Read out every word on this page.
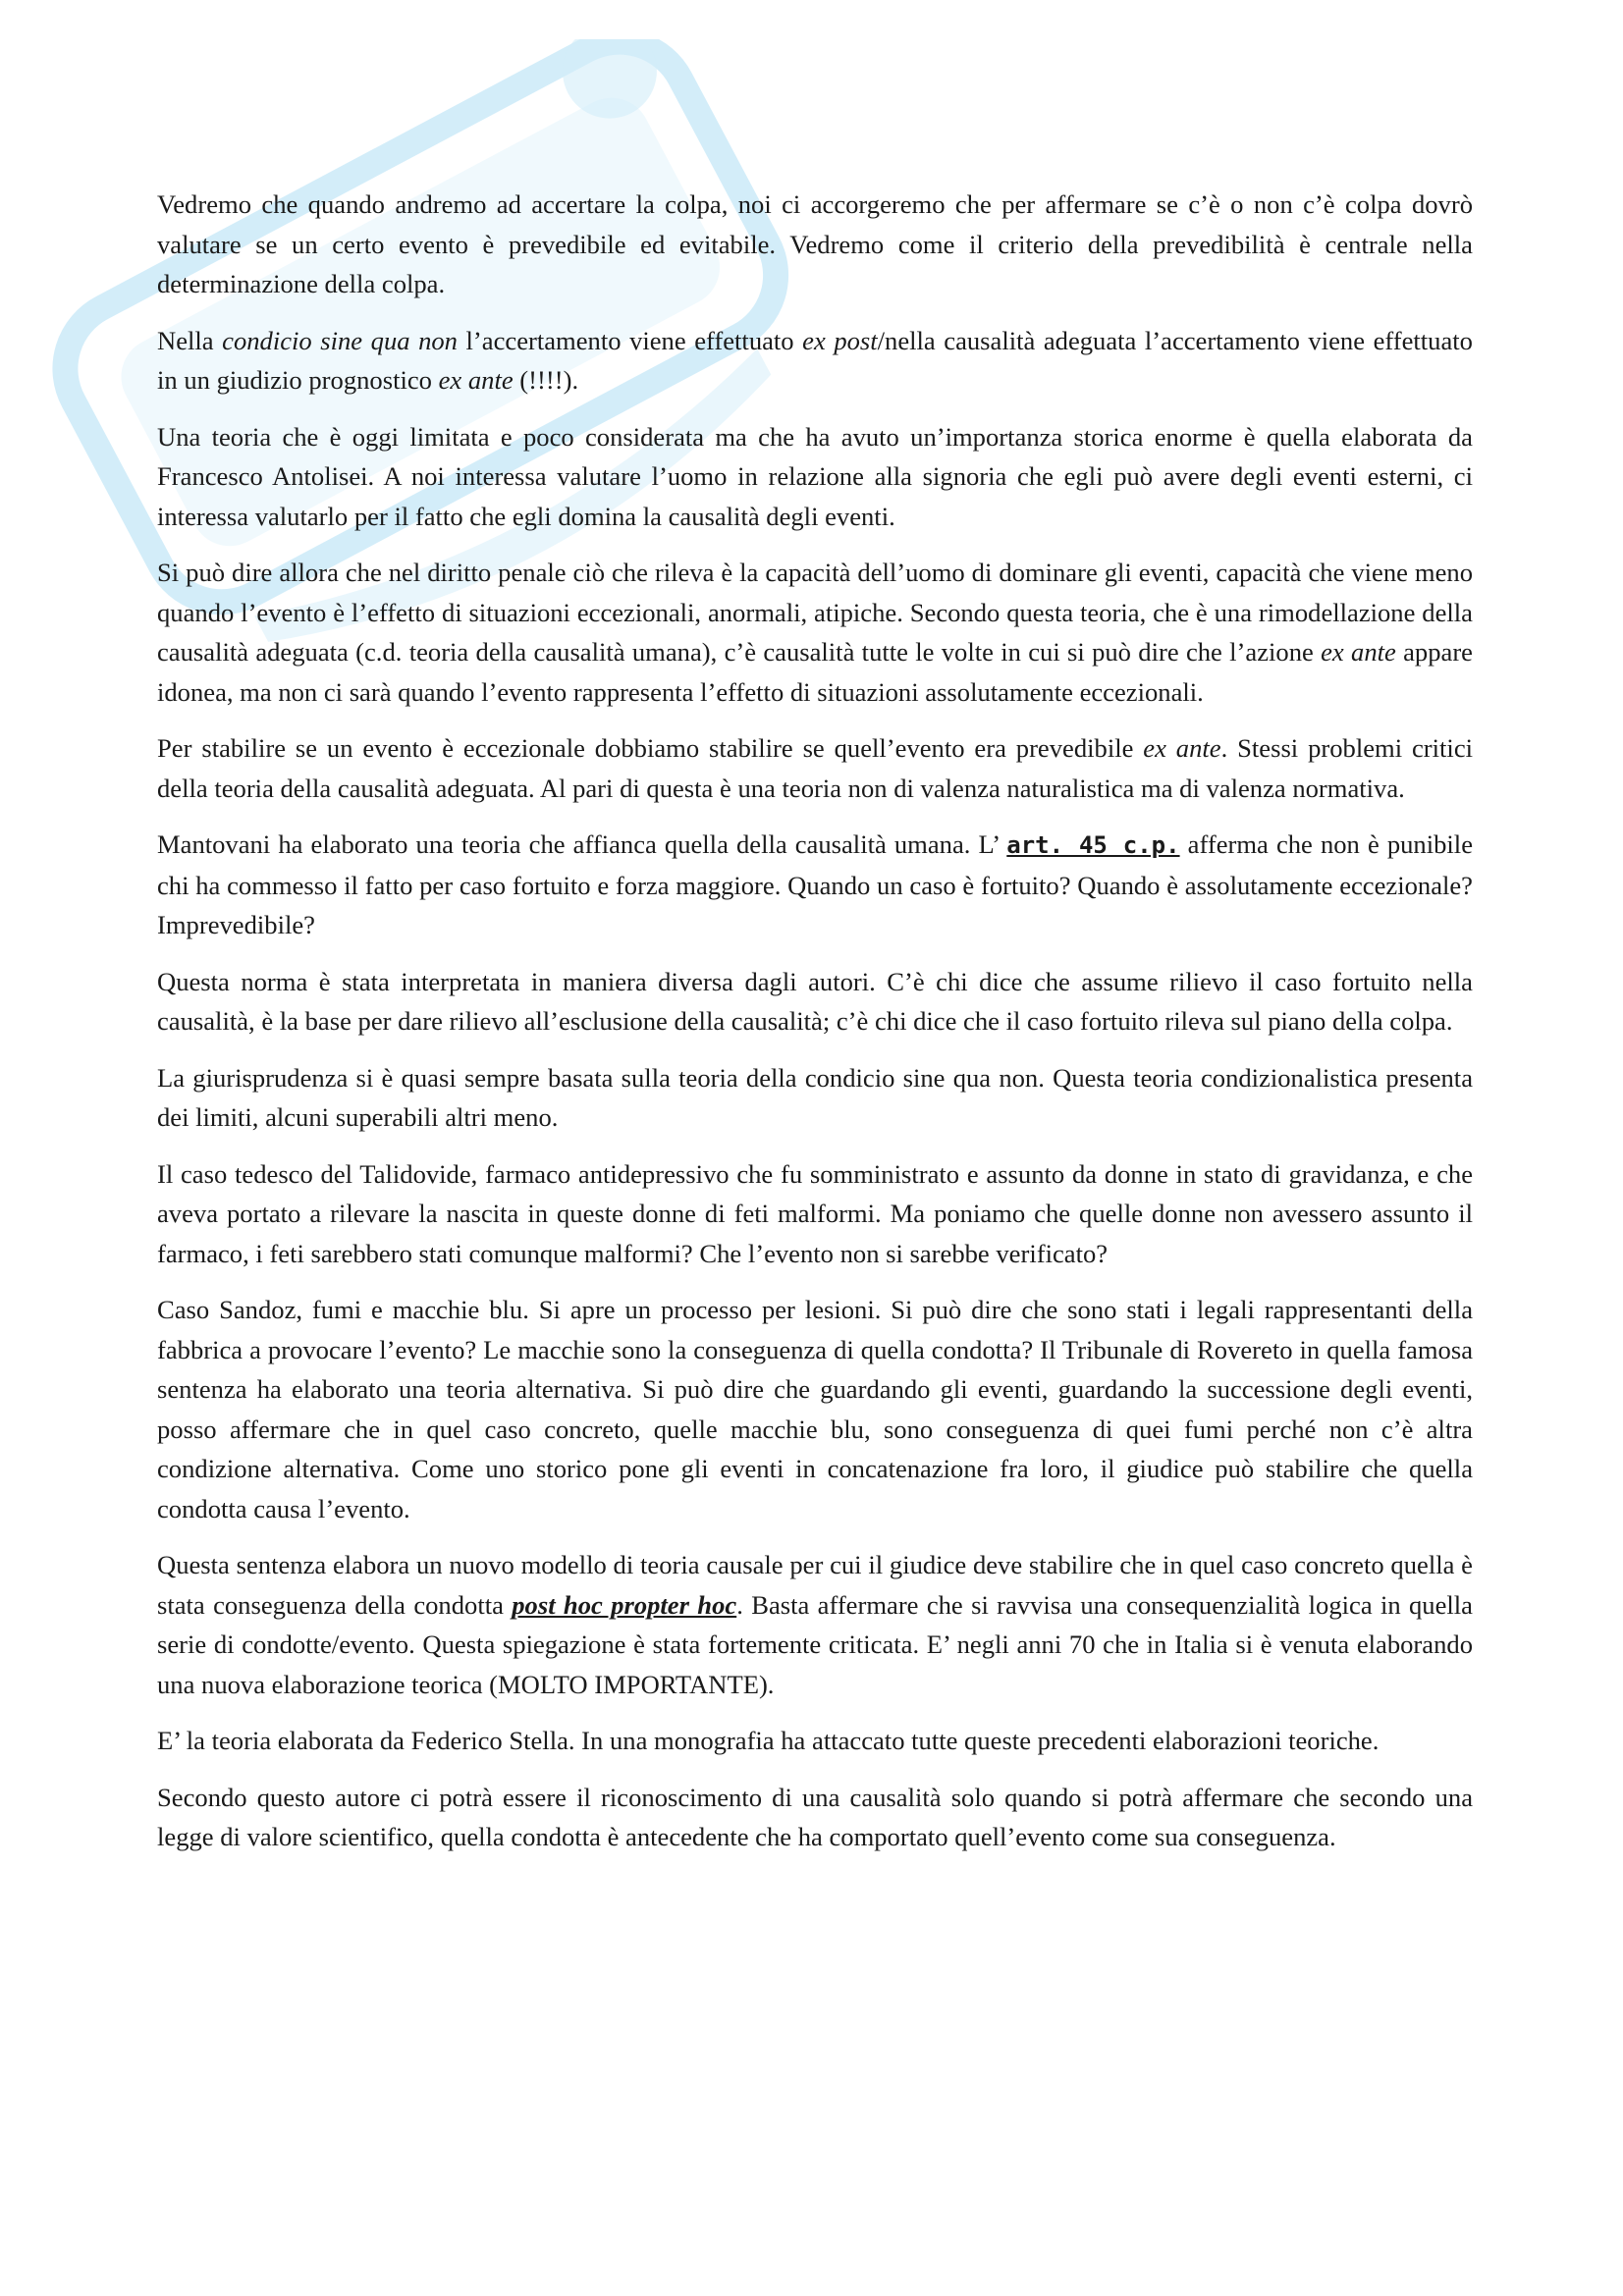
Vedremo che quando andremo ad accertare la colpa, noi ci accorgeremo che per affermare se c’è o non c’è colpa dovrò valutare se un certo evento è prevedibile ed evitabile. Vedremo come il criterio della prevedibilità è centrale nella determinazione della colpa.

Nella condicio sine qua non l’accertamento viene effettuato ex post/nella causalità adeguata l’accertamento viene effettuato in un giudizio prognostico ex ante (!!!!).

Una teoria che è oggi limitata e poco considerata ma che ha avuto un’importanza storica enorme è quella elaborata da Francesco Antolisei. A noi interessa valutare l’uomo in relazione alla signoria che egli può avere degli eventi esterni, ci interessa valutarlo per il fatto che egli domina la causalità degli eventi.

Si può dire allora che nel diritto penale ciò che rileva è la capacità dell’uomo di dominare gli eventi, capacità che viene meno quando l’evento è l’effetto di situazioni eccezionali, anormali, atipiche. Secondo questa teoria, che è una rimodellazione della causalità adeguata (c.d. teoria della causalità umana), c’è causalità tutte le volte in cui si può dire che l’azione ex ante appare idonea, ma non ci sarà quando l’evento rappresenta l’effetto di situazioni assolutamente eccezionali.

Per stabilire se un evento è eccezionale dobbiamo stabilire se quell’evento era prevedibile ex ante. Stessi problemi critici della teoria della causalità adeguata. Al pari di questa è una teoria non di valenza naturalistica ma di valenza normativa.

Mantovani ha elaborato una teoria che affianca quella della causalità umana. L’ art. 45 c.p. afferma che non è punibile chi ha commesso il fatto per caso fortuito e forza maggiore. Quando un caso è fortuito? Quando è assolutamente eccezionale? Imprevedibile?

Questa norma è stata interpretata in maniera diversa dagli autori. C’è chi dice che assume rilievo il caso fortuito nella causalità, è la base per dare rilievo all’esclusione della causalità; c’è chi dice che il caso fortuito rileva sul piano della colpa.

La giurisprudenza si è quasi sempre basata sulla teoria della condicio sine qua non. Questa teoria condizionalistica presenta dei limiti, alcuni superabili altri meno.

Il caso tedesco del Talidovide, farmaco antidepressivo che fu somministrato e assunto da donne in stato di gravidanza, e che aveva portato a rilevare la nascita in queste donne di feti malformi. Ma poniamo che quelle donne non avessero assunto il farmaco, i feti sarebbero stati comunque malformi? Che l’evento non si sarebbe verificato?

Caso Sandoz, fumi e macchie blu. Si apre un processo per lesioni. Si può dire che sono stati i legali rappresentanti della fabbrica a provocare l’evento? Le macchie sono la conseguenza di quella condotta? Il Tribunale di Rovereto in quella famosa sentenza ha elaborato una teoria alternativa. Si può dire che guardando gli eventi, guardando la successione degli eventi, posso affermare che in quel caso concreto, quelle macchie blu, sono conseguenza di quei fumi perché non c’è altra condizione alternativa. Come uno storico pone gli eventi in concatenazione fra loro, il giudice può stabilire che quella condotta causa l’evento.

Questa sentenza elabora un nuovo modello di teoria causale per cui il giudice deve stabilire che in quel caso concreto quella è stata conseguenza della condotta post hoc propter hoc. Basta affermare che si ravvisa una consequenzialità logica in quella serie di condotte/evento. Questa spiegazione è stata fortemente criticata. E’ negli anni 70 che in Italia si è venuta elaborando una nuova elaborazione teorica (MOLTO IMPORTANTE).

E’ la teoria elaborata da Federico Stella. In una monografia ha attaccato tutte queste precedenti elaborazioni teoriche.

Secondo questo autore ci potrà essere il riconoscimento di una causalità solo quando si potrà affermare che secondo una legge di valore scientifico, quella condotta è antecedente che ha comportato quell’evento come sua conseguenza.
